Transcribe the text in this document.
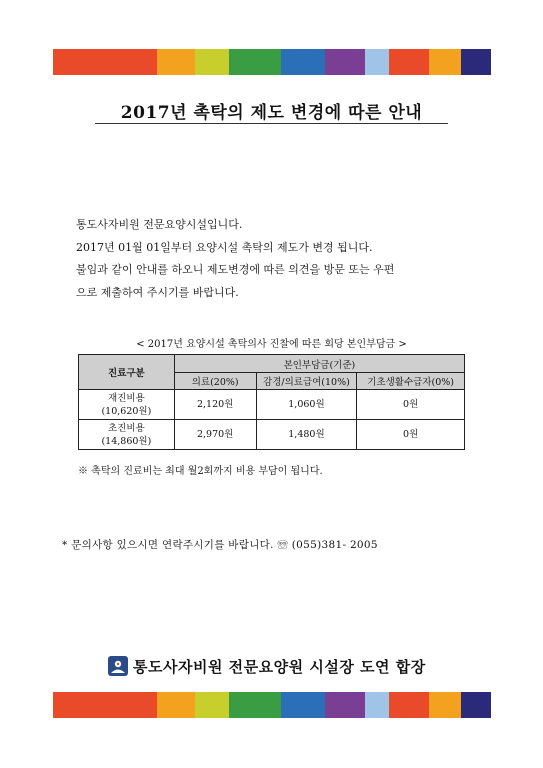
2017년 촉탁의 제도 변경에 따른 안내

통도사자비원 전문요양시설입니다.

2017년 01월 01일부터 요양시설 촉탁의 제도가 변경 됩니다.

불임과 같이 안내를 하오니 제도변경에 따른 의견을 방문 또는 우편

으로 제출하여 주시기를 바랍니다.

< 2017년 요양시설 촉탁의사 진찰에 따른 회당 본인부담금 >
진료구분	본인부담금(기준)		
	의료(20%)	감경/의료급여(10%)	기초생활수급자(0%)
재진비용
(10,620원)	2,120원	1,060원	0원
초진비용
(14,860원)	2,970원	1,480원	0원
※ 촉탁의 진료비는 최대 월2회까지 비용 부담이 됩니다.
* 문의사항 있으시면 연락주시기를 바랍니다. ☏ (055)381- 2005
통도사자비원 전문요양원 시설장 도연 합장
